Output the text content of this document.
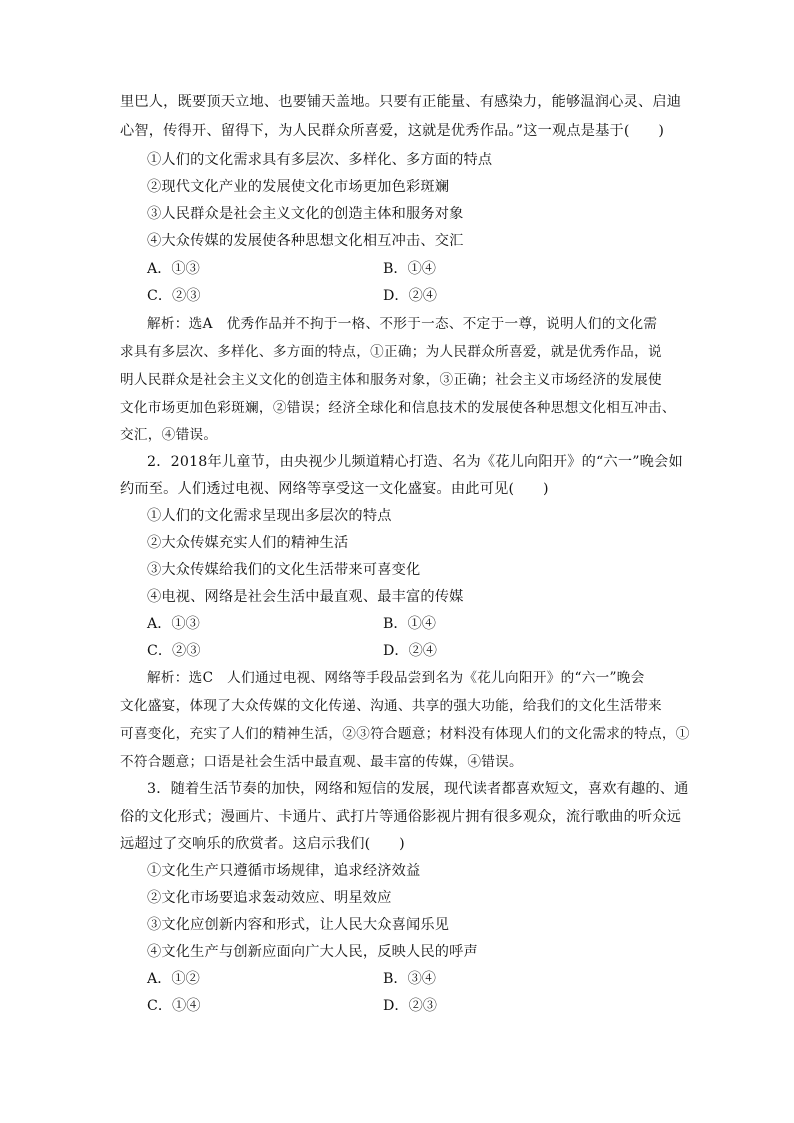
里巴人，既要顶天立地、也要铺天盖地。只要有正能量、有感染力，能够温润心灵、启迪
心智，传得开、留得下，为人民群众所喜爱，这就是优秀作品。”这一观点是基于(　　)
①人们的文化需求具有多层次、多样化、多方面的特点
②现代文化产业的发展使文化市场更加色彩斑斓
③人民群众是社会主义文化的创造主体和服务对象
④大众传媒的发展使各种思想文化相互冲击、交汇
A．①③	B．①④
C．②③	D．②④
解析：选A　优秀作品并不拘于一格、不形于一态、不定于一尊，说明人们的文化需
求具有多层次、多样化、多方面的特点，①正确；为人民群众所喜爱，就是优秀作品，说
明人民群众是社会主义文化的创造主体和服务对象，③正确；社会主义市场经济的发展使
文化市场更加色彩斑斓，②错误；经济全球化和信息技术的发展使各种思想文化相互冲击、
交汇，④错误。
2．2018年儿童节，由央视少儿频道精心打造、名为《花儿向阳开》的“六一”晚会如
约而至。人们透过电视、网络等享受这一文化盛宴。由此可见(　　)
①人们的文化需求呈现出多层次的特点
②大众传媒充实人们的精神生活
③大众传媒给我们的文化生活带来可喜变化
④电视、网络是社会生活中最直观、最丰富的传媒
A．①③	B．①④
C．②③	D．②④
解析：选C　人们通过电视、网络等手段品尝到名为《花儿向阳开》的“六一”晚会
文化盛宴，体现了大众传媒的文化传递、沟通、共享的强大功能，给我们的文化生活带来
可喜变化，充实了人们的精神生活，②③符合题意；材料没有体现人们的文化需求的特点，①
不符合题意；口语是社会生活中最直观、最丰富的传媒，④错误。
3．随着生活节奏的加快，网络和短信的发展，现代读者都喜欢短文，喜欢有趣的、通
俗的文化形式；漫画片、卡通片、武打片等通俗影视片拥有很多观众，流行歌曲的听众远
远超过了交响乐的欣赏者。这启示我们(　　)
①文化生产只遵循市场规律，追求经济效益
②文化市场要追求轰动效应、明星效应
③文化应创新内容和形式，让人民大众喜闻乐见
④文化生产与创新应面向广大人民，反映人民的呼声
A．①②	B．③④
C．①④	D．②③
